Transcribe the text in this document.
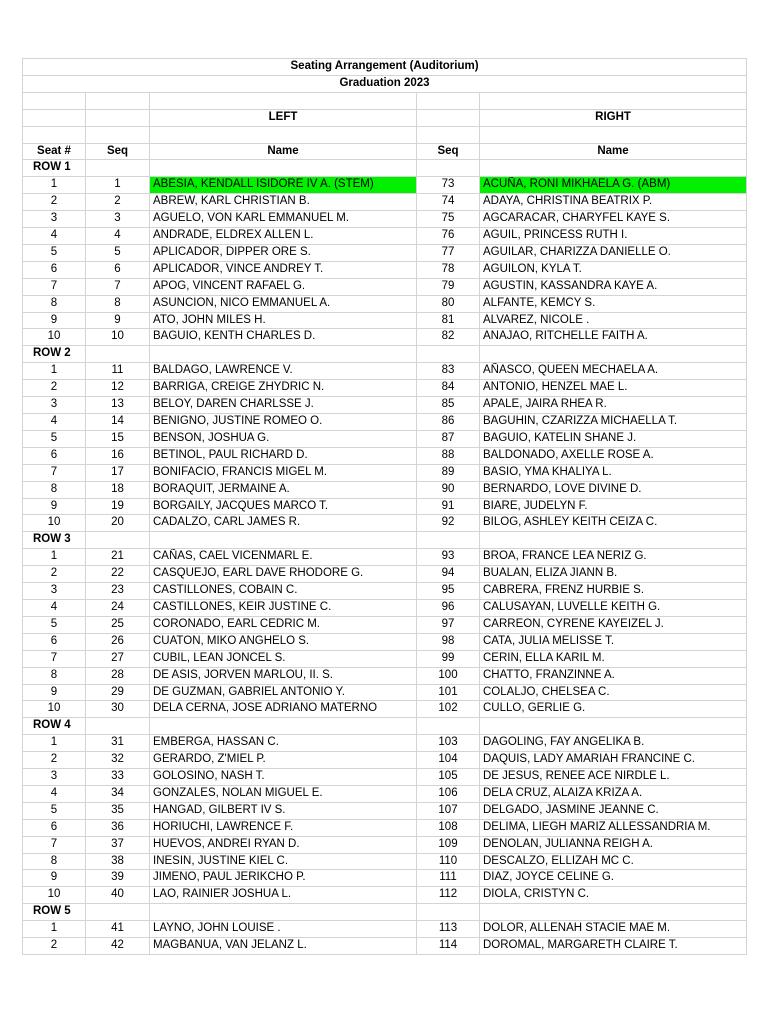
Seating Arrangement (Auditorium)				
Graduation 2023				

		LEFT		RIGHT

Seat #	Seq	Name	Seq	Name
ROW 1				
1	1	ABESIA, KENDALL ISIDORE IV A. (STEM)	73	ACUÑA, RONI MIKHAELA G. (ABM)
2	2	ABREW, KARL CHRISTIAN B.	74	ADAYA, CHRISTINA BEATRIX P.
3	3	AGUELO, VON KARL EMMANUEL M.	75	AGCARACAR, CHARYFEL KAYE S.
4	4	ANDRADE, ELDREX ALLEN L.	76	AGUIL, PRINCESS RUTH I.
5	5	APLICADOR, DIPPER ORE S.	77	AGUILAR, CHARIZZA DANIELLE O.
6	6	APLICADOR, VINCE ANDREY T.	78	AGUILON, KYLA T.
7	7	APOG, VINCENT RAFAEL G.	79	AGUSTIN, KASSANDRA KAYE A.
8	8	ASUNCION, NICO EMMANUEL A.	80	ALFANTE, KEMCY S.
9	9	ATO, JOHN MILES H.	81	ALVAREZ, NICOLE .
10	10	BAGUIO, KENTH CHARLES D.	82	ANAJAO, RITCHELLE FAITH A.
ROW 2				
1	11	BALDAGO, LAWRENCE V.	83	AÑASCO, QUEEN MECHAELA A.
2	12	BARRIGA, CREIGE ZHYDRIC N.	84	ANTONIO, HENZEL MAE L.
3	13	BELOY, DAREN CHARLSSE J.	85	APALE, JAIRA RHEA R.
4	14	BENIGNO, JUSTINE ROMEO O.	86	BAGUHIN, CZARIZZA MICHAELLA T.
5	15	BENSON, JOSHUA G.	87	BAGUIO, KATELIN SHANE J.
6	16	BETINOL, PAUL RICHARD D.	88	BALDONADO, AXELLE ROSE A.
7	17	BONIFACIO, FRANCIS MIGEL M.	89	BASIO, YMA KHALIYA L.
8	18	BORAQUIT, JERMAINE A.	90	BERNARDO, LOVE DIVINE D.
9	19	BORGAILY, JACQUES MARCO T.	91	BIARE, JUDELYN F.
10	20	CADALZO, CARL JAMES R.	92	BILOG, ASHLEY KEITH CEIZA C.
ROW 3				
1	21	CAÑAS, CAEL VICENMARL E.	93	BROA, FRANCE LEA NERIZ G.
2	22	CASQUEJO, EARL DAVE RHODORE G.	94	BUALAN, ELIZA JIANN B.
3	23	CASTILLONES, COBAIN C.	95	CABRERA, FRENZ HURBIE S.
4	24	CASTILLONES, KEIR JUSTINE C.	96	CALUSAYAN, LUVELLE KEITH G.
5	25	CORONADO, EARL CEDRIC M.	97	CARREON, CYRENE KAYEIZEL J.
6	26	CUATON, MIKO ANGHELO S.	98	CATA, JULIA MELISSE T.
7	27	CUBIL, LEAN JONCEL S.	99	CERIN, ELLA KARIL M.
8	28	DE ASIS, JORVEN MARLOU, II. S.	100	CHATTO, FRANZINNE A.
9	29	DE GUZMAN, GABRIEL ANTONIO Y.	101	COLALJO, CHELSEA C.
10	30	DELA CERNA, JOSE ADRIANO MATERNO	102	CULLO, GERLIE G.
ROW 4				
1	31	EMBERGA, HASSAN C.	103	DAGOLING, FAY ANGELIKA B.
2	32	GERARDO, Z'MIEL P.	104	DAQUIS, LADY AMARIAH FRANCINE C.
3	33	GOLOSINO, NASH T.	105	DE JESUS, RENEE ACE NIRDLE L.
4	34	GONZALES, NOLAN MIGUEL E.	106	DELA CRUZ, ALAIZA KRIZA A.
5	35	HANGAD, GILBERT IV S.	107	DELGADO, JASMINE JEANNE C.
6	36	HORIUCHI, LAWRENCE F.	108	DELIMA, LIEGH MARIZ ALLESSANDRIA M.
7	37	HUEVOS, ANDREI RYAN D.	109	DENOLAN, JULIANNA REIGH A.
8	38	INESIN, JUSTINE KIEL C.	110	DESCALZO, ELLIZAH MC C.
9	39	JIMENO, PAUL JERIKCHO P.	111	DIAZ, JOYCE CELINE G.
10	40	LAO, RAINIER JOSHUA L.	112	DIOLA, CRISTYN C.
ROW 5				
1	41	LAYNO, JOHN LOUISE .	113	DOLOR, ALLENAH STACIE MAE M.
2	42	MAGBANUA, VAN JELANZ L.	114	DOROMAL, MARGARETH CLAIRE T.
